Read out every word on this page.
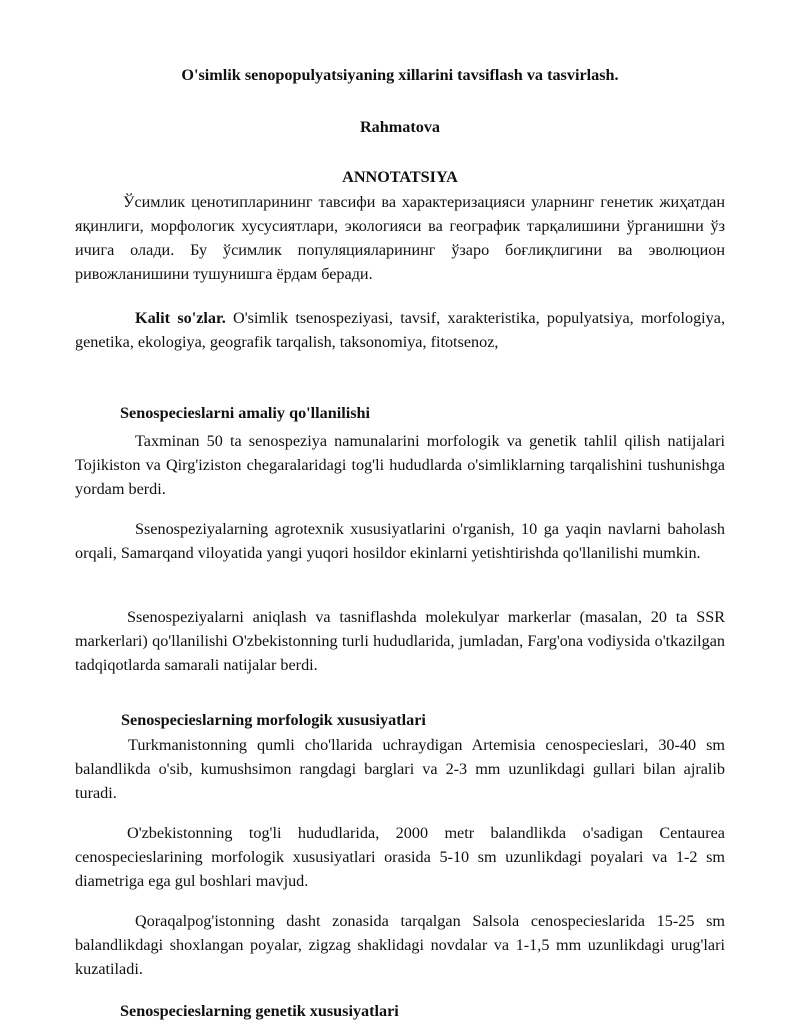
O'simlik senopopulyatsiyaning xillarini tavsiflash va tasvirlash.
Rahmatova
ANNOTATSIYA

Ўсимлик ценотипларининг тавсифи ва характеризацияси уларнинг генетик жиҳатдан яқинлиги, морфологик хусусиятлари, экологияси ва географик тарқалишини ўрганишни ўз ичига олади. Бу ўсимлик популяцияларининг ўзаро боғлиқлигини ва эволюцион ривожланишини тушунишга ёрдам беради.

Kalit so'zlar. O'simlik tsenospeziyasi, tavsif, xarakteristika, populyatsiya, morfologiya, genetika, ekologiya, geografik tarqalish, taksonomiya, fitotsenoz,

Senospecieslarni amaliy qo'llanilishi

Taxminan 50 ta senospeziya namunalarini morfologik va genetik tahlil qilish natijalari Tojikiston va Qirg'iziston chegaralaridagi tog'li hududlarda o'simliklarning tarqalishini tushunishga yordam berdi.

Ssenospeziyalarning agrotexnik xususiyatlarini o'rganish, 10 ga yaqin navlarni baholash orqali, Samarqand viloyatida yangi yuqori hosildor ekinlarni yetishtirishda qo'llanilishi mumkin.

Ssenospeziyalarni aniqlash va tasniflashda molekulyar markerlar (masalan, 20 ta SSR markerlari) qo'llanilishi O'zbekistonning turli hududlarida, jumladan, Farg'ona vodiysida o'tkazilgan tadqiqotlarda samarali natijalar berdi.

Senospecieslarning morfologik xususiyatlari

Turkmanistonning qumli cho'llarida uchraydigan Artemisia cenospecieslari, 30-40 sm balandlikda o'sib, kumushsimon rangdagi barglari va 2-3 mm uzunlikdagi gullari bilan ajralib turadi.

O'zbekistonning tog'li hududlarida, 2000 metr balandlikda o'sadigan Centaurea cenospecieslarining morfologik xususiyatlari orasida 5-10 sm uzunlikdagi poyalari va 1-2 sm diametriga ega gul boshlari mavjud.

Qoraqalpog'istonning dasht zonasida tarqalgan Salsola cenospecieslarida 15-25 sm balandlikdagi shoxlangan poyalar, zigzag shaklidagi novdalar va 1-1,5 mm uzunlikdagi urug'lari kuzatiladi.

Senospecieslarning genetik xususiyatlari
